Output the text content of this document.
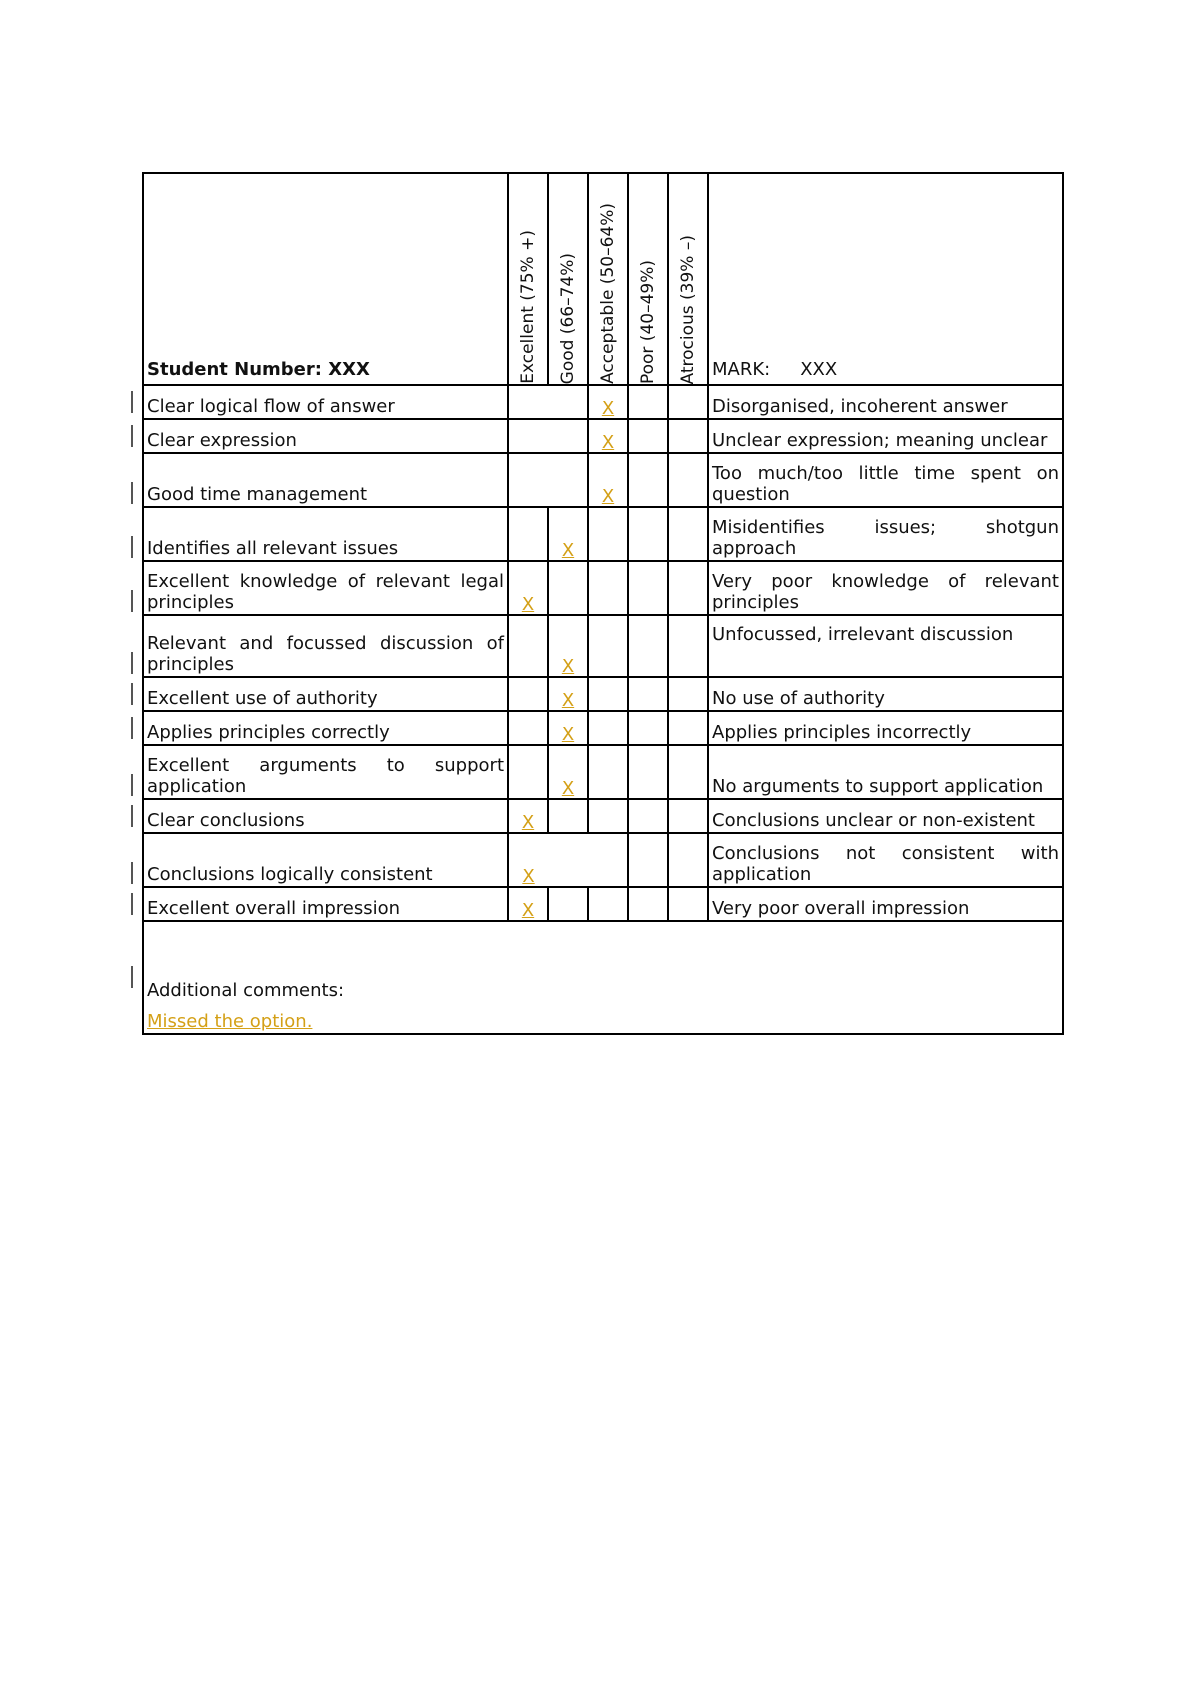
Student Number: XXX	Excellent (75% +)	Good (66–74%)	Acceptable (50–64%)	Poor (40–49%)	Atrocious (39% –)	MARK: XXX

Clear logical flow of answer			X			Disorganised, incoherent answer

Clear expression			X			Unclear expression; meaning unclear

Good time management			X			Too much/too little time spent on question

Identifies all relevant issues		X				Misidentifies issues; shotgun approach

Excellent knowledge of relevant legal principles	X					Very poor knowledge of relevant principles

Relevant and focussed discussion of principles		X				Unfocussed, irrelevant discussion

Excellent use of authority		X				No use of authority

Applies principles correctly		X				Applies principles incorrectly

Excellent arguments to support application		X				No arguments to support application

Clear conclusions	X					Conclusions unclear or non-existent

Conclusions logically consistent	X					Conclusions not consistent with application

Excellent overall impression	X					Very poor overall impression

Additional comments:
Missed the option.						
